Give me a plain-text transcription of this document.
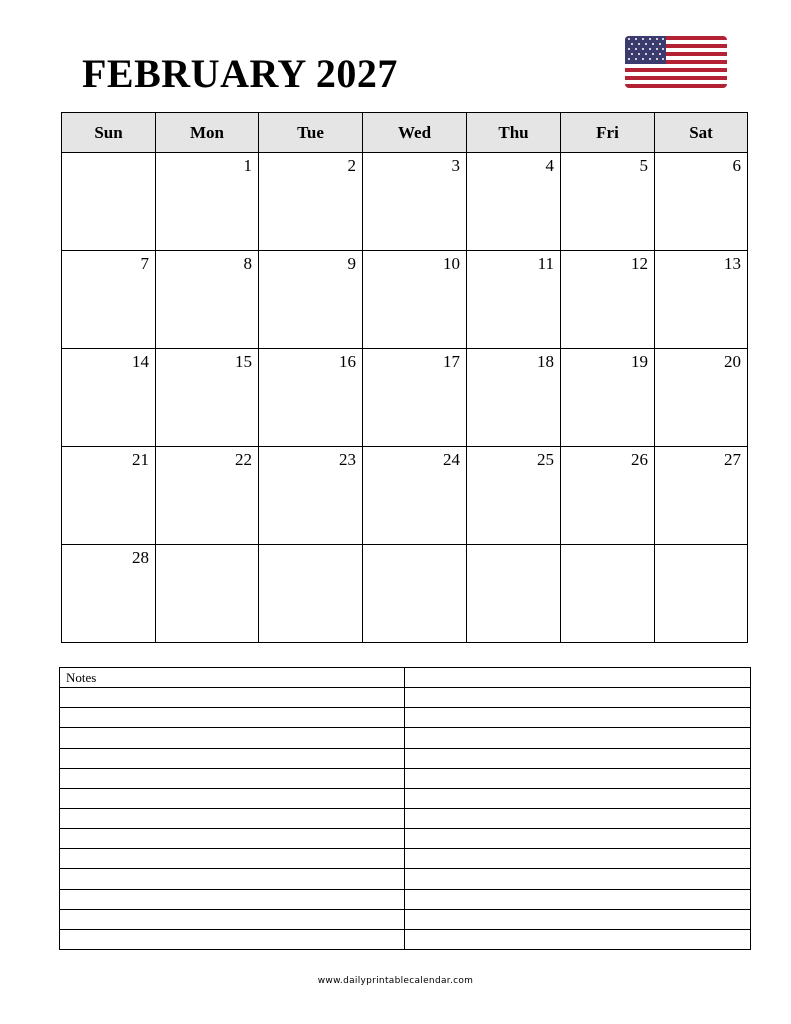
FEBRUARY 2027
Sun	Mon	Tue	Wed	Thu	Fri	Sat

	1	2	3	4	5	6

7	8	9	10	11	12	13

14	15	16	17	18	19	20

21	22	23	24	25	26	27

28						

Notes
www.dailyprintablecalendar.com
